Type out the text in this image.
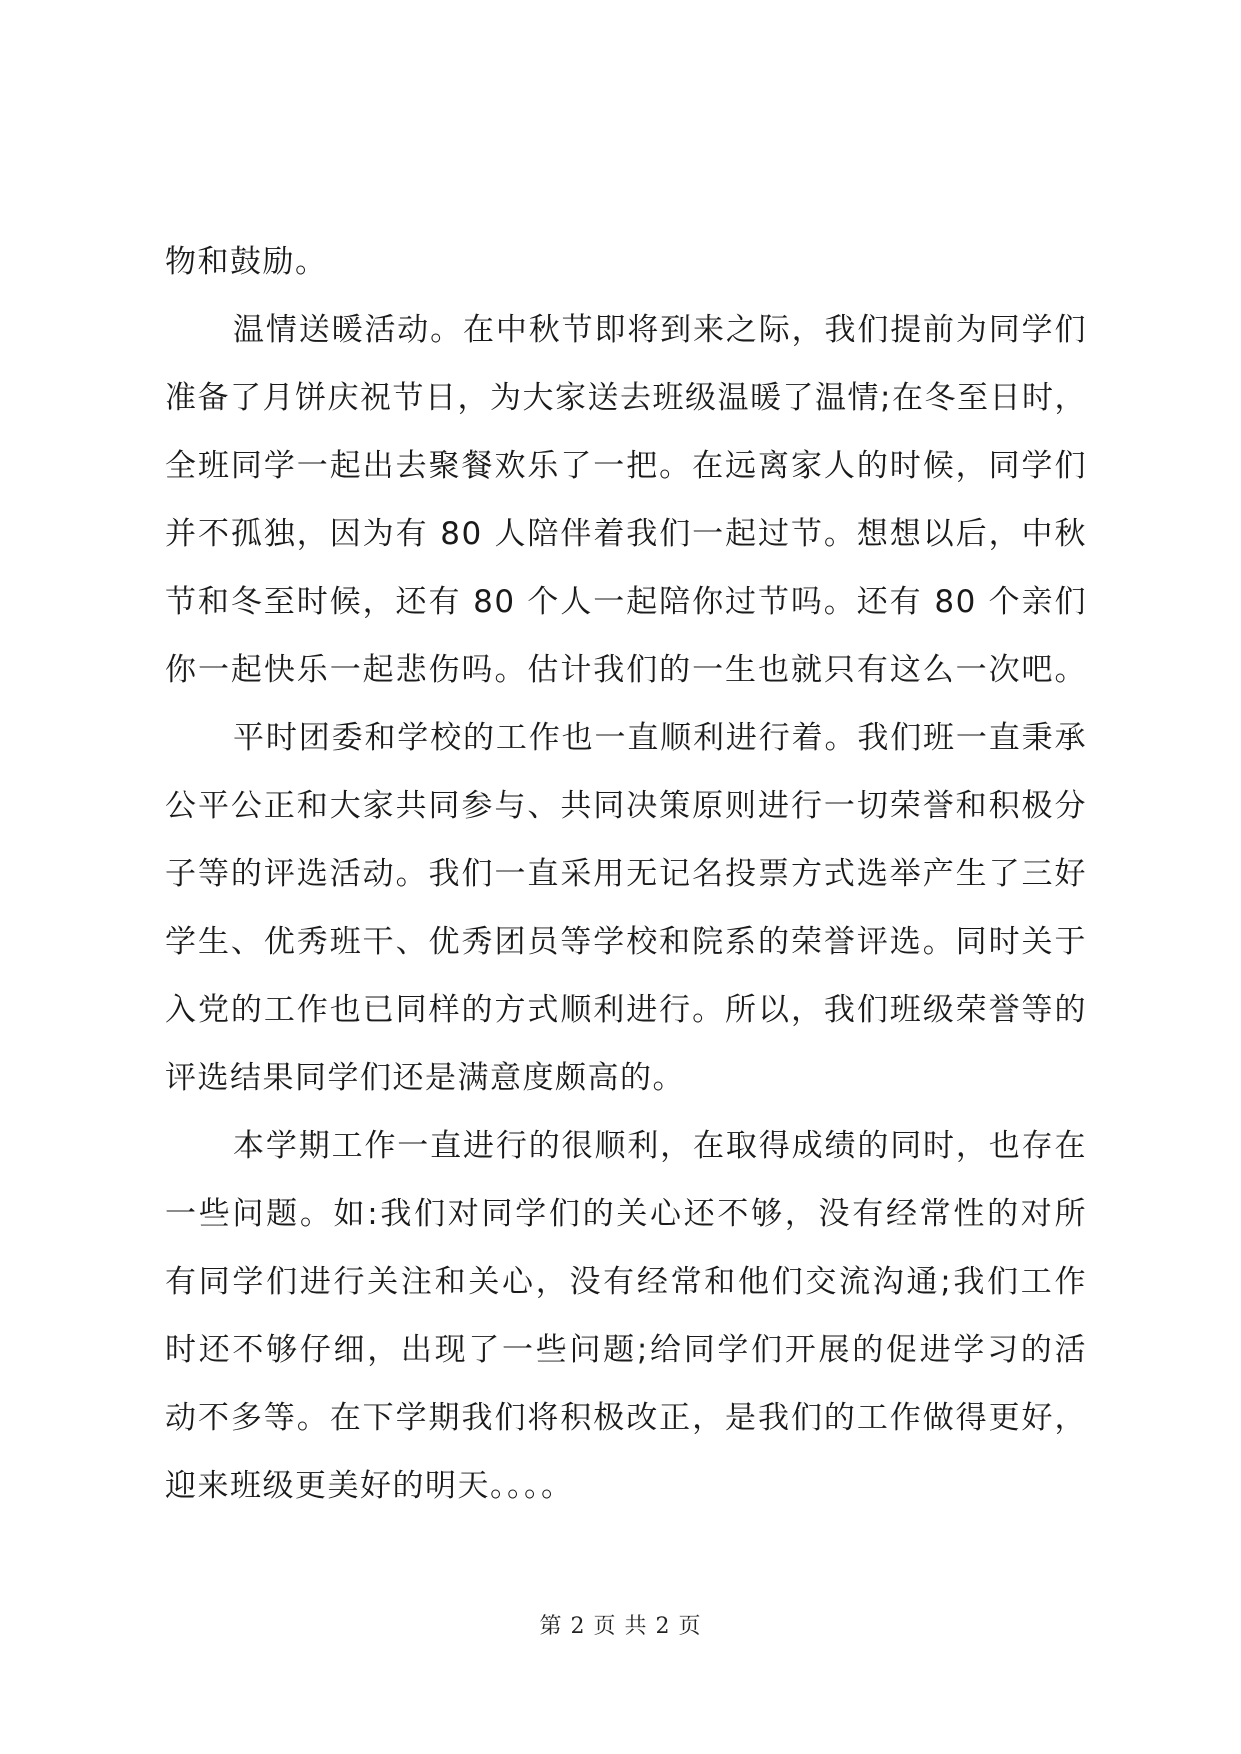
物和鼓励。
温情送暖活动。在中秋节即将到来之际，我们提前为同学们
准备了月饼庆祝节日，为大家送去班级温暖了温情;在冬至日时，
全班同学一起出去聚餐欢乐了一把。在远离家人的时候，同学们
并不孤独，因为有 80 人陪伴着我们一起过节。想想以后，中秋
节和冬至时候，还有 80 个人一起陪你过节吗。还有 80 个亲们
你一起快乐一起悲伤吗。估计我们的一生也就只有这么一次吧。
平时团委和学校的工作也一直顺利进行着。我们班一直秉承
公平公正和大家共同参与、共同决策原则进行一切荣誉和积极分
子等的评选活动。我们一直采用无记名投票方式选举产生了三好
学生、优秀班干、优秀团员等学校和院系的荣誉评选。同时关于
入党的工作也已同样的方式顺利进行。所以，我们班级荣誉等的
评选结果同学们还是满意度颇高的。
本学期工作一直进行的很顺利，在取得成绩的同时，也存在
一些问题。如:我们对同学们的关心还不够，没有经常性的对所
有同学们进行关注和关心，没有经常和他们交流沟通;我们工作
时还不够仔细，出现了一些问题;给同学们开展的促进学习的活
动不多等。在下学期我们将积极改正，是我们的工作做得更好，
迎来班级更美好的明天。。。。
第 2 页 共 2 页
